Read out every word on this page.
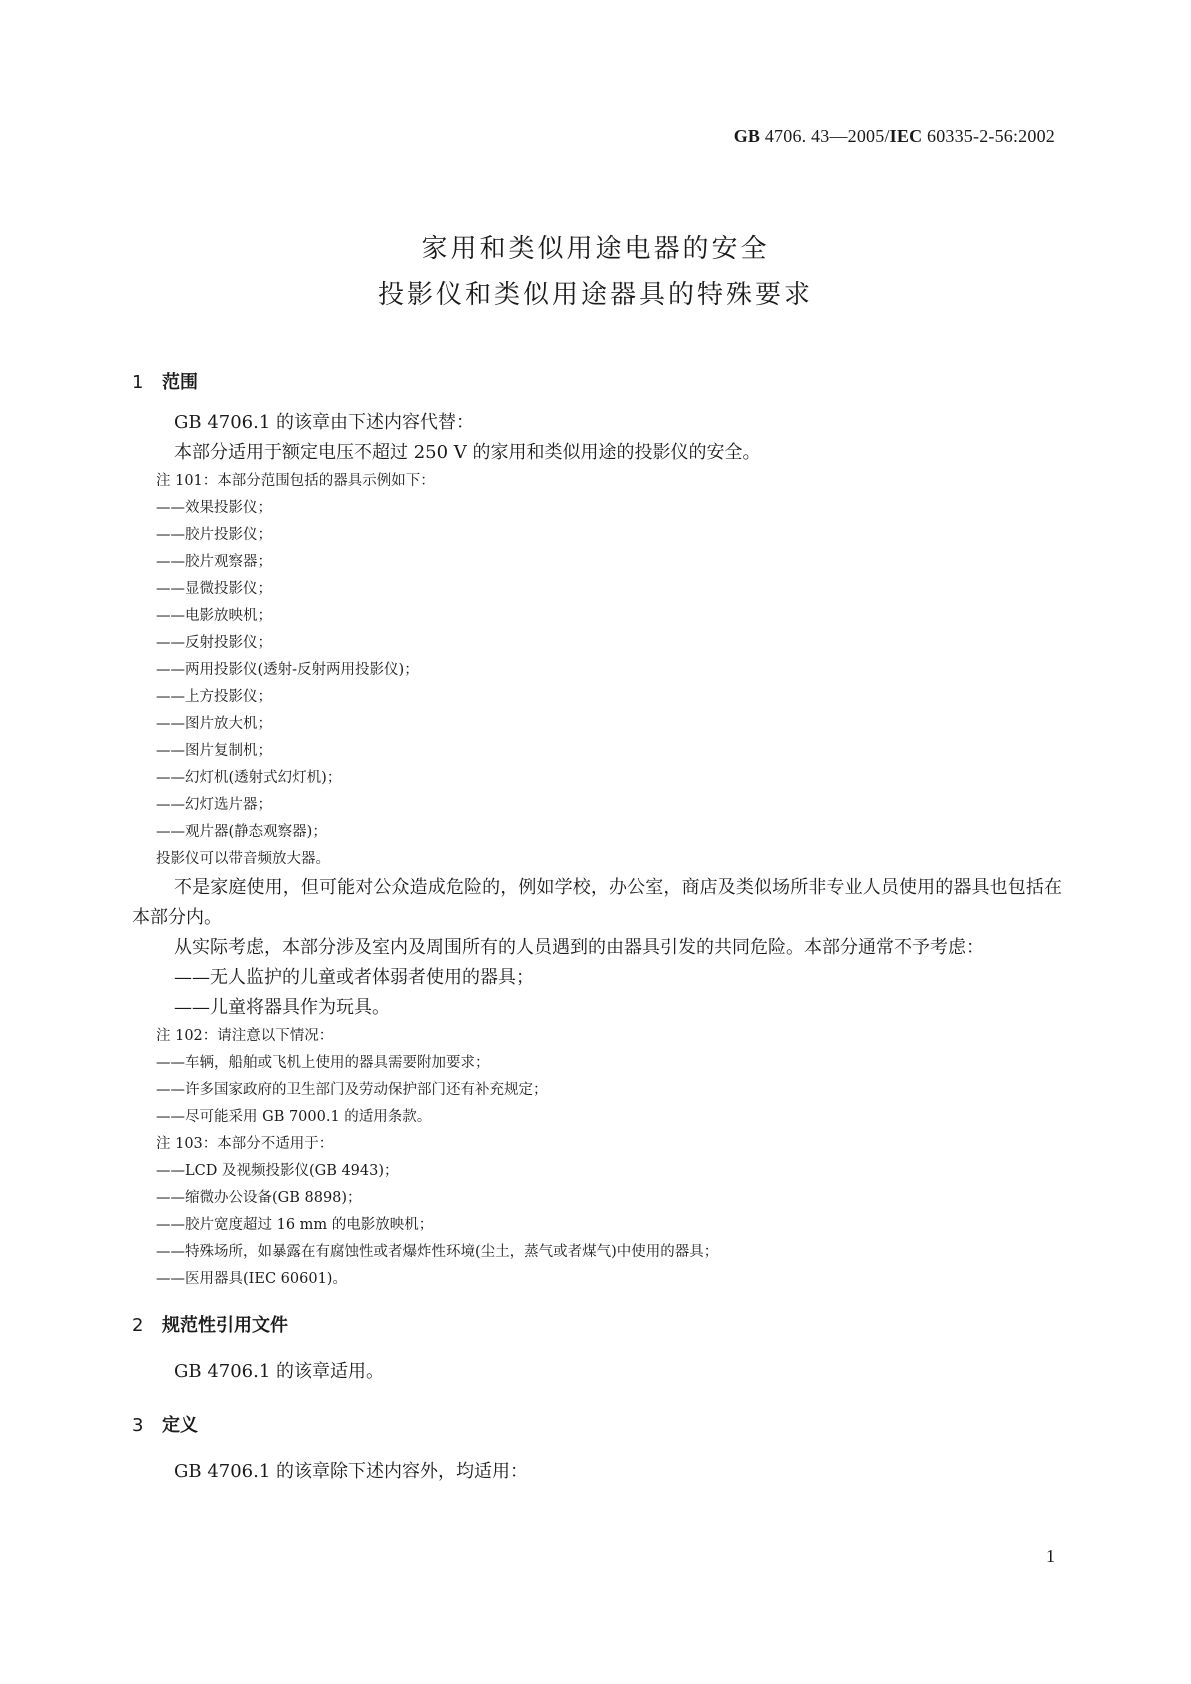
GB 4706. 43—2005/IEC 60335-2-56:2002
家用和类似用途电器的安全
投影仪和类似用途器具的特殊要求
1 范围

GB 4706.1 的该章由下述内容代替：

本部分适用于额定电压不超过 250 V 的家用和类似用途的投影仪的安全。

注 101：本部分范围包括的器具示例如下：

——效果投影仪；

——胶片投影仪；

——胶片观察器；

——显微投影仪；

——电影放映机；

——反射投影仪；

——两用投影仪(透射-反射两用投影仪)；

——上方投影仪；

——图片放大机；

——图片复制机；

——幻灯机(透射式幻灯机)；

——幻灯选片器；

——观片器(静态观察器)；

投影仪可以带音频放大器。

不是家庭使用，但可能对公众造成危险的，例如学校，办公室，商店及类似场所非专业人员使用的器具也包括在本部分内。

从实际考虑，本部分涉及室内及周围所有的人员遇到的由器具引发的共同危险。本部分通常不予考虑：

——无人监护的儿童或者体弱者使用的器具；

——儿童将器具作为玩具。

注 102：请注意以下情况：

——车辆，船舶或飞机上使用的器具需要附加要求；

——许多国家政府的卫生部门及劳动保护部门还有补充规定；

——尽可能采用 GB 7000.1 的适用条款。

注 103：本部分不适用于：

——LCD 及视频投影仪(GB 4943)；

——缩微办公设备(GB 8898)；

——胶片宽度超过 16 mm 的电影放映机；

——特殊场所，如暴露在有腐蚀性或者爆炸性环境(尘土，蒸气或者煤气)中使用的器具；

——医用器具(IEC 60601)。

2 规范性引用文件

GB 4706.1 的该章适用。

3 定义

GB 4706.1 的该章除下述内容外，均适用：

1
